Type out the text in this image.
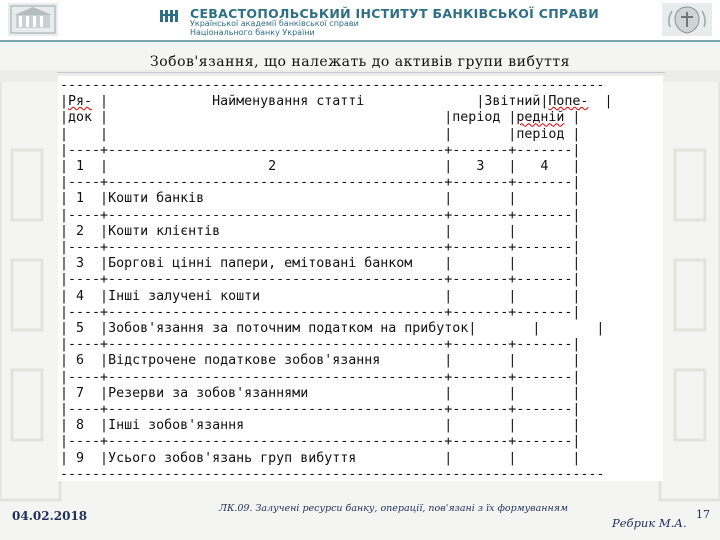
СЕВАСТОПОЛЬСЬКИЙ ІНСТИТУТ БАНКІВСЬКОЇ СПРАВИ
Української академії банківської справи
Національного банку України
Зобов'язання, що належать до активів групи вибуття
--------------------------------------------------------------------
|Ря- |             Найменування статті              |Звітний|Попе-  |
|док |                                          |період |редній |
|    |                                          |       |період |
|----+------------------------------------------+-------+-------|
| 1  |                    2                     |   3   |   4   |
|----+------------------------------------------+-------+-------|
| 1  |Кошти банків	|       |       |
|----+------------------------------------------+-------+-------|
| 2  |Кошти клієнтів	|       |       |
|----+------------------------------------------+-------+-------|
| 3  |Боргові цінні папери, емітовані банком    |       |       |
|----+------------------------------------------+-------+-------|
| 4  |Інші залучені кошти	|       |       |
|----+------------------------------------------+-------+-------|
| 5  |Зобов'язання за поточним податком на прибуток|       |       |
|----+------------------------------------------+-------+-------|
| 6  |Відстрочене податкове зобов'язання	|       |       |
|----+------------------------------------------+-------+-------|
| 7  |Резерви за зобов'язаннями	|       |       |
|----+------------------------------------------+-------+-------|
| 8  |Інші зобов'язання	|       |       |
|----+------------------------------------------+-------+-------|
| 9  |Усього зобов'язань груп вибуття	|       |       |
--------------------------------------------------------------------
04.02.2018
ЛК.09. Залучені ресурси банку, операції, пов'язані з їх формуванням
Ребрик М.А.
17
